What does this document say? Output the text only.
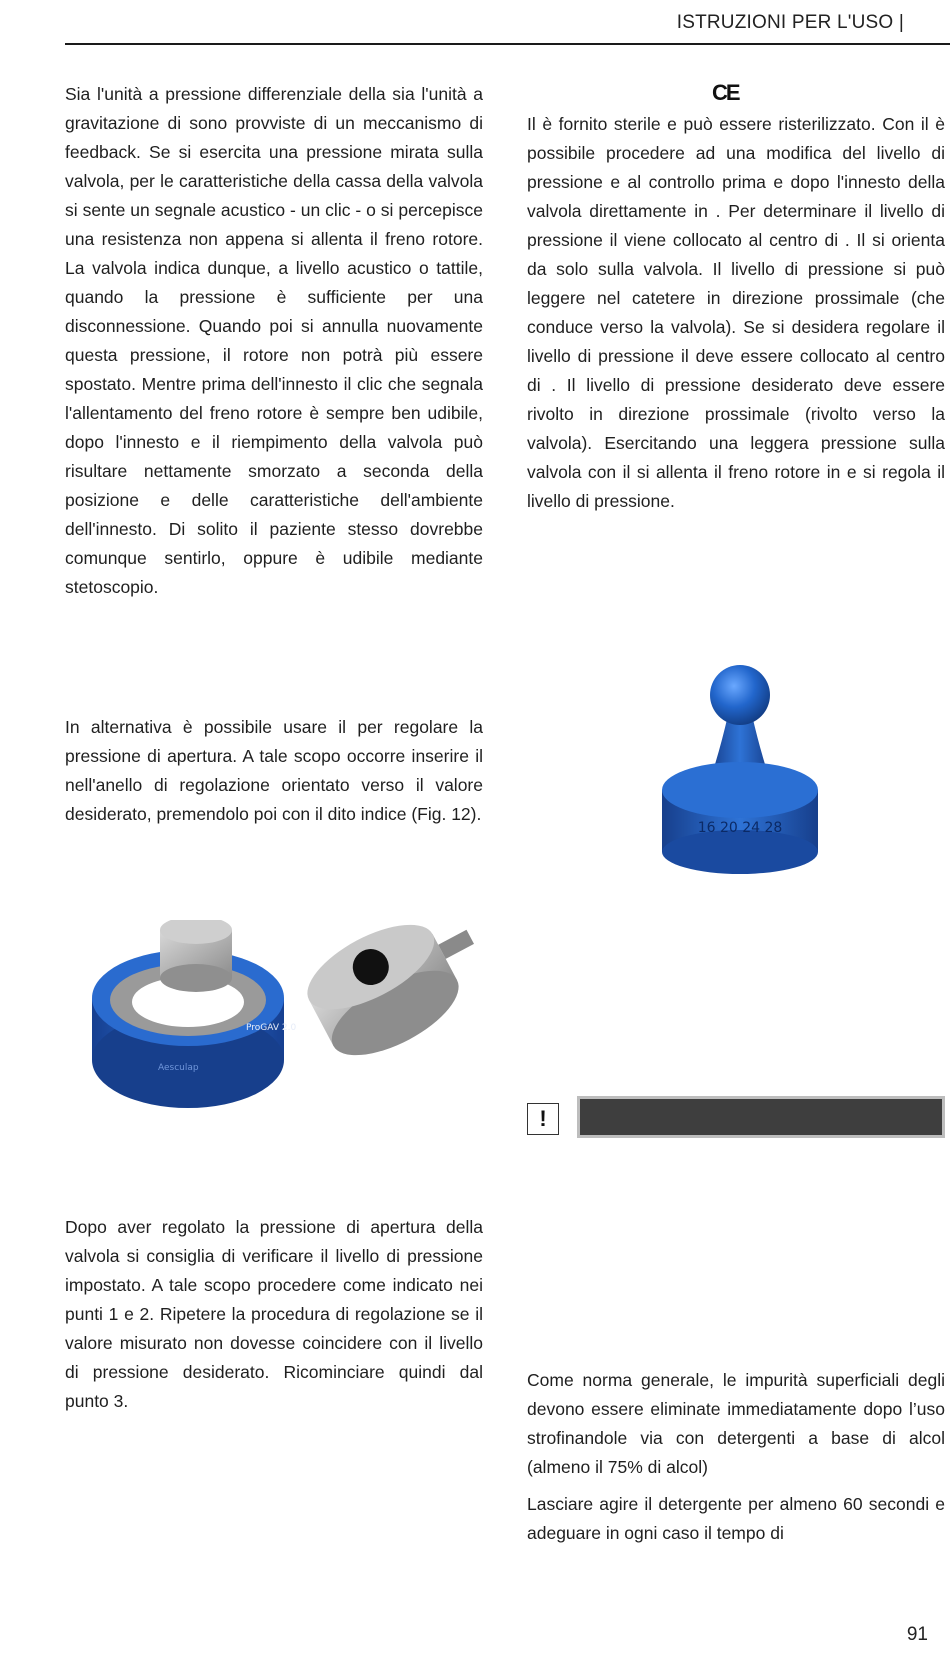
ISTRUZIONI PER L'USO |

Sia l'unità a pressione differenziale della sia l'unità a gravitazione di sono provviste di un meccanismo di feedback. Se si esercita una pressione mirata sulla valvola, per le caratteristiche della cassa della valvola si sente un segnale acustico - un clic - o si percepisce una resistenza non appena si allenta il freno rotore. La valvola indica dunque, a livello acustico o tattile, quando la pressione è sufficiente per una disconnessione. Quando poi si annulla nuovamente questa pressione, il rotore non potrà più essere spostato. Mentre prima dell'innesto il clic che segnala l'allentamento del freno rotore è sempre ben udibile, dopo l'innesto e il riempimento della valvola può risultare nettamente smorzato a seconda della posizione e delle caratteristiche dell'ambiente dell'innesto. Di solito il paziente stesso dovrebbe comunque sentirlo, oppure è udibile mediante stetoscopio.

In alternativa è possibile usare il per regolare la pressione di apertura. A tale scopo occorre inserire il nell'anello di regolazione orientato verso il valore desiderato, premendolo poi con il dito indice (Fig. 12).

Dopo aver regolato la pressione di apertura della valvola si consiglia di verificare il livello di pressione impostato. A tale scopo procedere come indicato nei punti 1 e 2. Ripetere la procedura di regolazione se il valore misurato non dovesse coincidere con il livello di pressione desiderato. Ricominciare quindi dal punto 3.

CE

Il è fornito sterile e può essere risterilizzato. Con il è possibile procedere ad una modifica del livello di pressione e al controllo prima e dopo l'innesto della valvola direttamente in . Per determinare il livello di pressione il viene collocato al centro di . Il si orienta da solo sulla valvola. Il livello di pressione si può leggere nel catetere in direzione prossimale (che conduce verso la valvola). Se si desidera regolare il livello di pressione il deve essere collocato al centro di . Il livello di pressione desiderato deve essere rivolto in direzione prossimale (rivolto verso la valvola). Esercitando una leggera pressione sulla valvola con il si allenta il freno rotore in e si regola il livello di pressione.

Come norma generale, le impurità superficiali degli devono essere eliminate immediatamente dopo l’uso strofinandole via con detergenti a base di alcol (almeno il 75% di alcol)

Lasciare agire il detergente per almeno 60 secondi e adeguare in ogni caso il tempo di

16 20 24 28
ProGAV 2.0
Aesculap
!
91
